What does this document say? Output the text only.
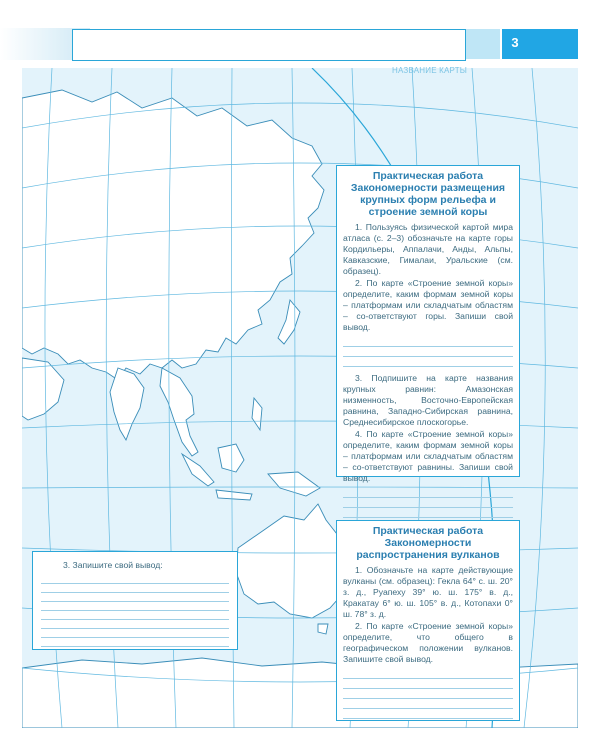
НАЗВАНИЕ КАРТЫ
3
Практическая работа
Закономерности размещения крупных форм рельефа и строение земной коры

1. Пользуясь физической картой мира атласа (с. 2–3) обозначьте на карте горы Кордильеры, Аппалачи, Анды, Альпы, Кавказские, Гималаи, Уральские (см. образец).

2. По карте «Строение земной коры» определите, каким формам земной коры – платформам или складчатым областям – со-ответствуют горы. Запиши свой вывод.

3. Подпишите на карте названия крупных равнин: Амазонская низменность, Восточно-Европейская равнина, Западно-Сибирская равнина, Среднесибирское плоскогорье.

4. По карте «Строение земной коры» определите, каким формам земной коры – платформам или складчатым областям – со-ответствуют равнины. Запиши свой вывод.

Практическая работа
Закономерности распространения вулканов

1. Обозначьте на карте действующие вулканы (см. образец): Гекла 64° с. ш. 20° з. д., Руапеху 39° ю. ш. 175° в. д., Кракатау 6° ю. ш. 105° в. д., Котопахи 0° ш. 78° з. д.

2. По карте «Строение земной коры» определите, что общего в географическом положении вулканов. Запишите свой вывод.

3. Запишите свой вывод:
